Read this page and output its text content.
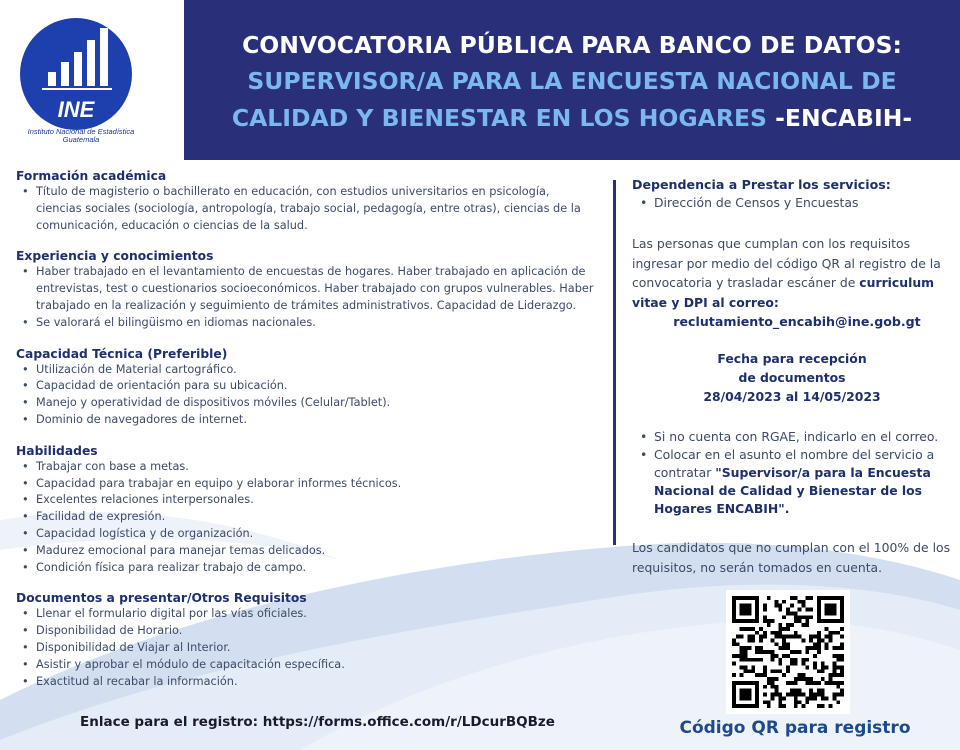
INE
Instituto Nacional de Estadística
Guatemala
CONVOCATORIA PÚBLICA PARA BANCO DE DATOS:
SUPERVISOR/A PARA LA ENCUESTA NACIONAL DE
CALIDAD Y BIENESTAR EN LOS HOGARES -ENCABIH-
Formación académica
• Título de magisterio o bachillerato en educación, con estudios universitarios en psicología, ciencias sociales (sociología, antropología, trabajo social, pedagogía, entre otras), ciencias de la comunicación, educación o ciencias de la salud.
Experiencia y conocimientos
• Haber trabajado en el levantamiento de encuestas de hogares. Haber trabajado en aplicación de entrevistas, test o cuestionarios socioeconómicos. Haber trabajado con grupos vulnerables. Haber trabajado en la realización y seguimiento de trámites administrativos. Capacidad de Liderazgo.
• Se valorará el bilingüismo en idiomas nacionales.
Capacidad Técnica (Preferible)
• Utilización de Material cartográfico.
• Capacidad de orientación para su ubicación.
• Manejo y operatividad de dispositivos móviles (Celular/Tablet).
• Dominio de navegadores de internet.
Habilidades
• Trabajar con base a metas.
• Capacidad para trabajar en equipo y elaborar informes técnicos.
• Excelentes relaciones interpersonales.
• Facilidad de expresión.
• Capacidad logística y de organización.
• Madurez emocional para manejar temas delicados.
• Condición física para realizar trabajo de campo.
Documentos a presentar/Otros Requisitos
• Llenar el formulario digital por las vías oficiales.
• Disponibilidad de Horario.
• Disponibilidad de Viajar al Interior.
• Asistir y aprobar el módulo de capacitación específica.
• Exactitud al recabar la información.
Dependencia a Prestar los servicios:
• Dirección de Censos y Encuestas

Las personas que cumplan con los requisitos ingresar por medio del código QR al registro de la convocatoria y trasladar escáner de curriculum vitae y DPI al correo:

reclutamiento_encabih@ine.gob.gt
Fecha para recepción
de documentos
28/04/2023 al 14/05/2023
• Si no cuenta con RGAE, indicarlo en el correo.
• Colocar en el asunto el nombre del servicio a contratar "Supervisor/a para la Encuesta Nacional de Calidad y Bienestar de los Hogares ENCABIH".

Los candidatos que no cumplan con el 100% de los requisitos, no serán tomados en cuenta.

Código QR para registro
Enlace para el registro: https://forms.office.com/r/LDcurBQBze
